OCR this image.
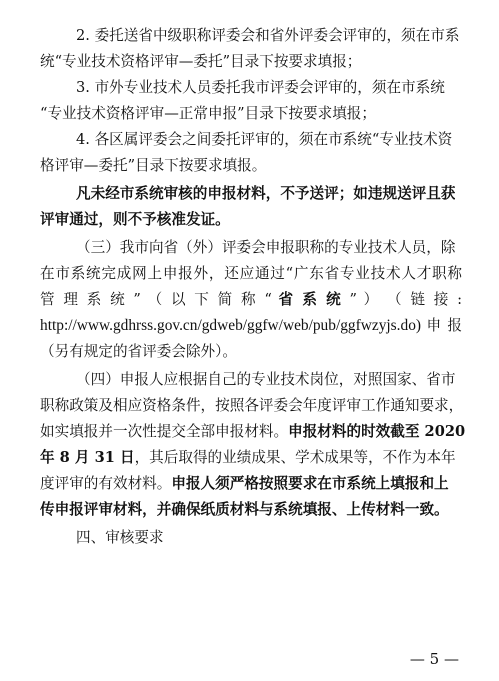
2. 委托送省中级职称评委会和省外评委会评审的，须在市系
统“专业技术资格评审—委托”目录下按要求填报；
3. 市外专业技术人员委托我市评委会评审的，须在市系统
“专业技术资格评审—正常申报”目录下按要求填报；
4. 各区属评委会之间委托评审的，须在市系统“专业技术资
格评审—委托”目录下按要求填报。
凡未经市系统审核的申报材料，不予送评；如违规送评且获
评审通过，则不予核准发证。
（三）我市向省（外）评委会申报职称的专业技术人员，除
在市系统完成网上申报外，还应通过“广东省专业技术人才职称
管 理 系 统 ” （ 以 下 简 称 “ 省 系 统 ” ） （ 链 接 :
http://www.gdhrss.gov.cn/gdweb/ggfw/web/pub/ggfwzyjs.do) 申 报
（另有规定的省评委会除外）。
（四）申报人应根据自己的专业技术岗位，对照国家、省市
职称政策及相应资格条件，按照各评委会年度评审工作通知要求，
如实填报并一次性提交全部申报材料。申报材料的时效截至 2020
年 8 月 31 日，其后取得的业绩成果、学术成果等，不作为本年
度评审的有效材料。申报人须严格按照要求在市系统上填报和上
传申报评审材料，并确保纸质材料与系统填报、上传材料一致。
四、审核要求
— 5 —
